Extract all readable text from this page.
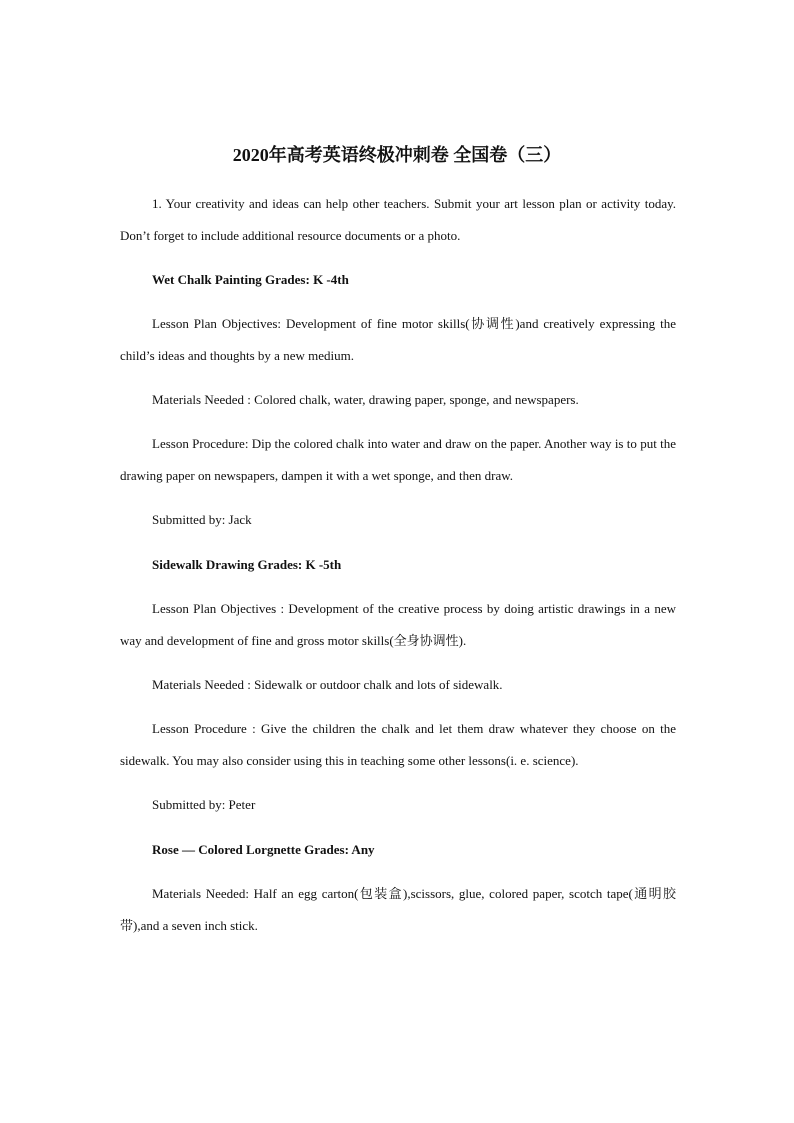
2020年高考英语终极冲刺卷 全国卷（三）

1. Your creativity and ideas can help other teachers. Submit your art lesson plan or activity today. Don’t forget to include additional resource documents or a photo.

Wet Chalk Painting Grades: K -4th

Lesson Plan Objectives: Development of fine motor skills(协调性)and creatively expressing the child’s ideas and thoughts by a new medium.

Materials Needed : Colored chalk, water, drawing paper, sponge, and newspapers.

Lesson Procedure: Dip the colored chalk into water and draw on the paper. Another way is to put the drawing paper on newspapers, dampen it with a wet sponge, and then draw.

Submitted by: Jack

Sidewalk Drawing Grades: K -5th

Lesson Plan Objectives : Development of the creative process by doing artistic drawings in a new way and development of fine and gross motor skills(全身协调性).

Materials Needed : Sidewalk or outdoor chalk and lots of sidewalk.

Lesson Procedure : Give the children the chalk and let them draw whatever they choose on the sidewalk. You may also consider using this in teaching some other lessons(i. e. science).

Submitted by: Peter

Rose — Colored Lorgnette Grades: Any

Materials Needed: Half an egg carton(包装盒),scissors, glue, colored paper, scotch tape(通明胶带),and a seven inch stick.
